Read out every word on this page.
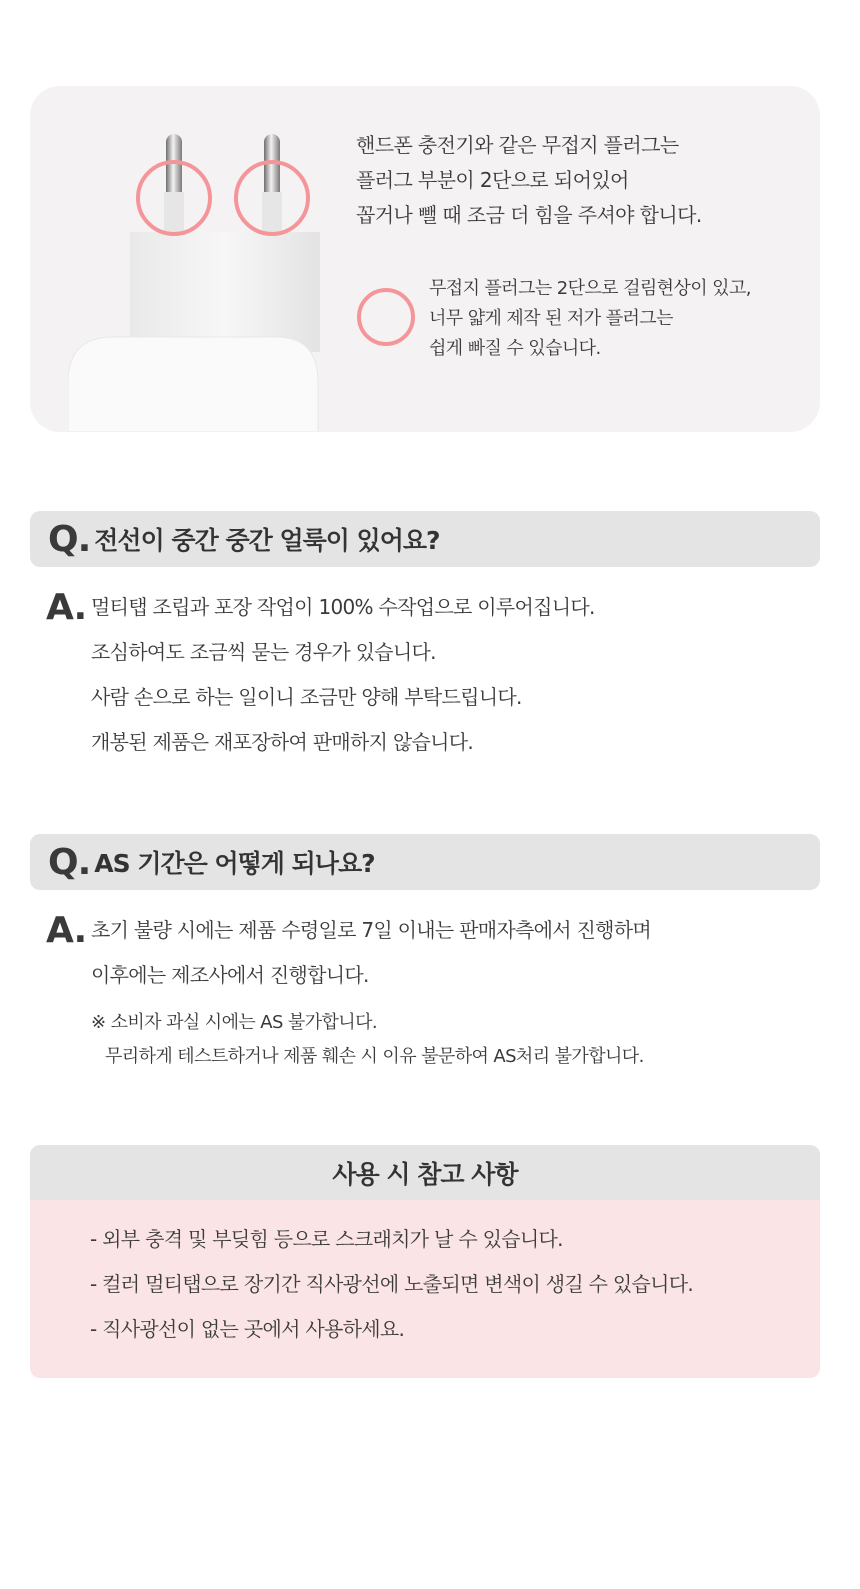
핸드폰 충전기와 같은 무접지 플러그는
플러그 부분이 2단으로 되어있어
꼽거나 뺄 때 조금 더 힘을 주셔야 합니다.
무접지 플러그는 2단으로 걸림현상이 있고,
너무 얇게 제작 된 저가 플러그는
쉽게 빠질 수 있습니다.
Q. 전선이 중간 중간 얼룩이 있어요?
A. 멀티탭 조립과 포장 작업이 100% 수작업으로 이루어집니다.
조심하여도 조금씩 묻는 경우가 있습니다.
사람 손으로 하는 일이니 조금만 양해 부탁드립니다.
개봉된 제품은 재포장하여 판매하지 않습니다.
Q. AS 기간은 어떻게 되나요?
A. 초기 불량 시에는 제품 수령일로 7일 이내는 판매자측에서 진행하며
이후에는 제조사에서 진행합니다.
※ 소비자 과실 시에는 AS 불가합니다.
무리하게 테스트하거나 제품 훼손 시 이유 불문하여 AS처리 불가합니다.
사용 시 참고 사항
- 외부 충격 및 부딪힘 등으로 스크래치가 날 수 있습니다.
- 컬러 멀티탭으로 장기간 직사광선에 노출되면 변색이 생길 수 있습니다.
- 직사광선이 없는 곳에서 사용하세요.
